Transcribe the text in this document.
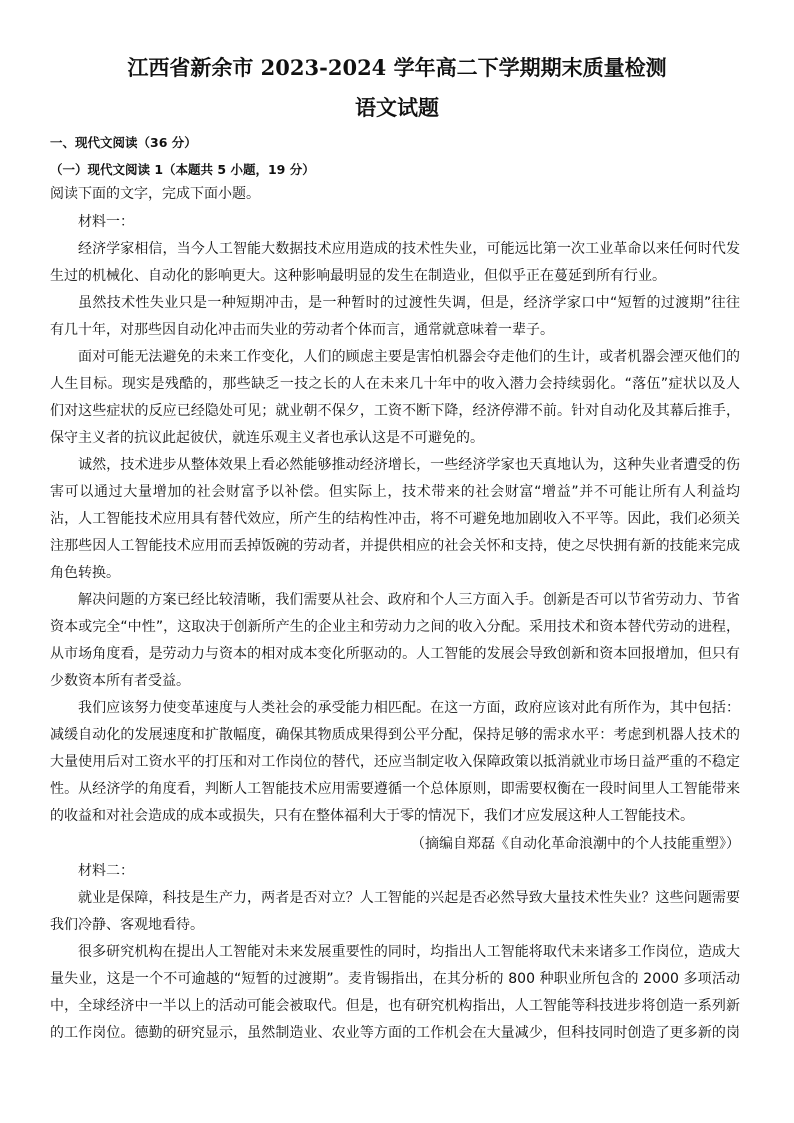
江西省新余市 2023-2024 学年高二下学期期末质量检测
语文试题
一、现代文阅读（36 分）
（一）现代文阅读 1（本题共 5 小题，19 分）
阅读下面的文字，完成下面小题。
材料一：
经济学家相信，当今人工智能大数据技术应用造成的技术性失业，可能远比第一次工业革命以来任何时代发
生过的机械化、自动化的影响更大。这种影响最明显的发生在制造业，但似乎正在蔓延到所有行业。
虽然技术性失业只是一种短期冲击，是一种暂时的过渡性失调，但是，经济学家口中“短暂的过渡期”往往
有几十年，对那些因自动化冲击而失业的劳动者个体而言，通常就意味着一辈子。
面对可能无法避免的未来工作变化，人们的顾虑主要是害怕机器会夺走他们的生计，或者机器会湮灭他们的
人生目标。现实是残酷的，那些缺乏一技之长的人在未来几十年中的收入潜力会持续弱化。“落伍”症状以及人
们对这些症状的反应已经隐处可见；就业朝不保夕，工资不断下降，经济停滞不前。针对自动化及其幕后推手，
保守主义者的抗议此起彼伏，就连乐观主义者也承认这是不可避免的。
诚然，技术进步从整体效果上看必然能够推动经济增长，一些经济学家也天真地认为，这种失业者遭受的伤
害可以通过大量增加的社会财富予以补偿。但实际上，技术带来的社会财富“增益”并不可能让所有人利益均
沾，人工智能技术应用具有替代效应，所产生的结构性冲击，将不可避免地加剧收入不平等。因此，我们必须关
注那些因人工智能技术应用而丢掉饭碗的劳动者，并提供相应的社会关怀和支持，使之尽快拥有新的技能来完成
角色转换。
解决问题的方案已经比较清晰，我们需要从社会、政府和个人三方面入手。创新是否可以节省劳动力、节省
资本或完全“中性”，这取决于创新所产生的企业主和劳动力之间的收入分配。采用技术和资本替代劳动的进程，
从市场角度看，是劳动力与资本的相对成本变化所驱动的。人工智能的发展会导致创新和资本回报增加，但只有
少数资本所有者受益。
我们应该努力使变革速度与人类社会的承受能力相匹配。在这一方面，政府应该对此有所作为，其中包括：
减缓自动化的发展速度和扩散幅度，确保其物质成果得到公平分配，保持足够的需求水平：考虑到机器人技术的
大量使用后对工资水平的打压和对工作岗位的替代，还应当制定收入保障政策以抵消就业市场日益严重的不稳定
性。从经济学的角度看，判断人工智能技术应用需要遵循一个总体原则，即需要权衡在一段时间里人工智能带来
的收益和对社会造成的成本或损失，只有在整体福利大于零的情况下，我们才应发展这种人工智能技术。
（摘编自郑磊《自动化革命浪潮中的个人技能重塑》）
材料二：
就业是保障，科技是生产力，两者是否对立？人工智能的兴起是否必然导致大量技术性失业？这些问题需要
我们冷静、客观地看待。
很多研究机构在提出人工智能对未来发展重要性的同时，均指出人工智能将取代未来诸多工作岗位，造成大
量失业，这是一个不可逾越的“短暂的过渡期”。麦肯锡指出，在其分析的 800 种职业所包含的 2000 多项活动
中，全球经济中一半以上的活动可能会被取代。但是，也有研究机构指出，人工智能等科技进步将创造一系列新
的工作岗位。德勤的研究显示，虽然制造业、农业等方面的工作机会在大量减少，但科技同时创造了更多新的岗
